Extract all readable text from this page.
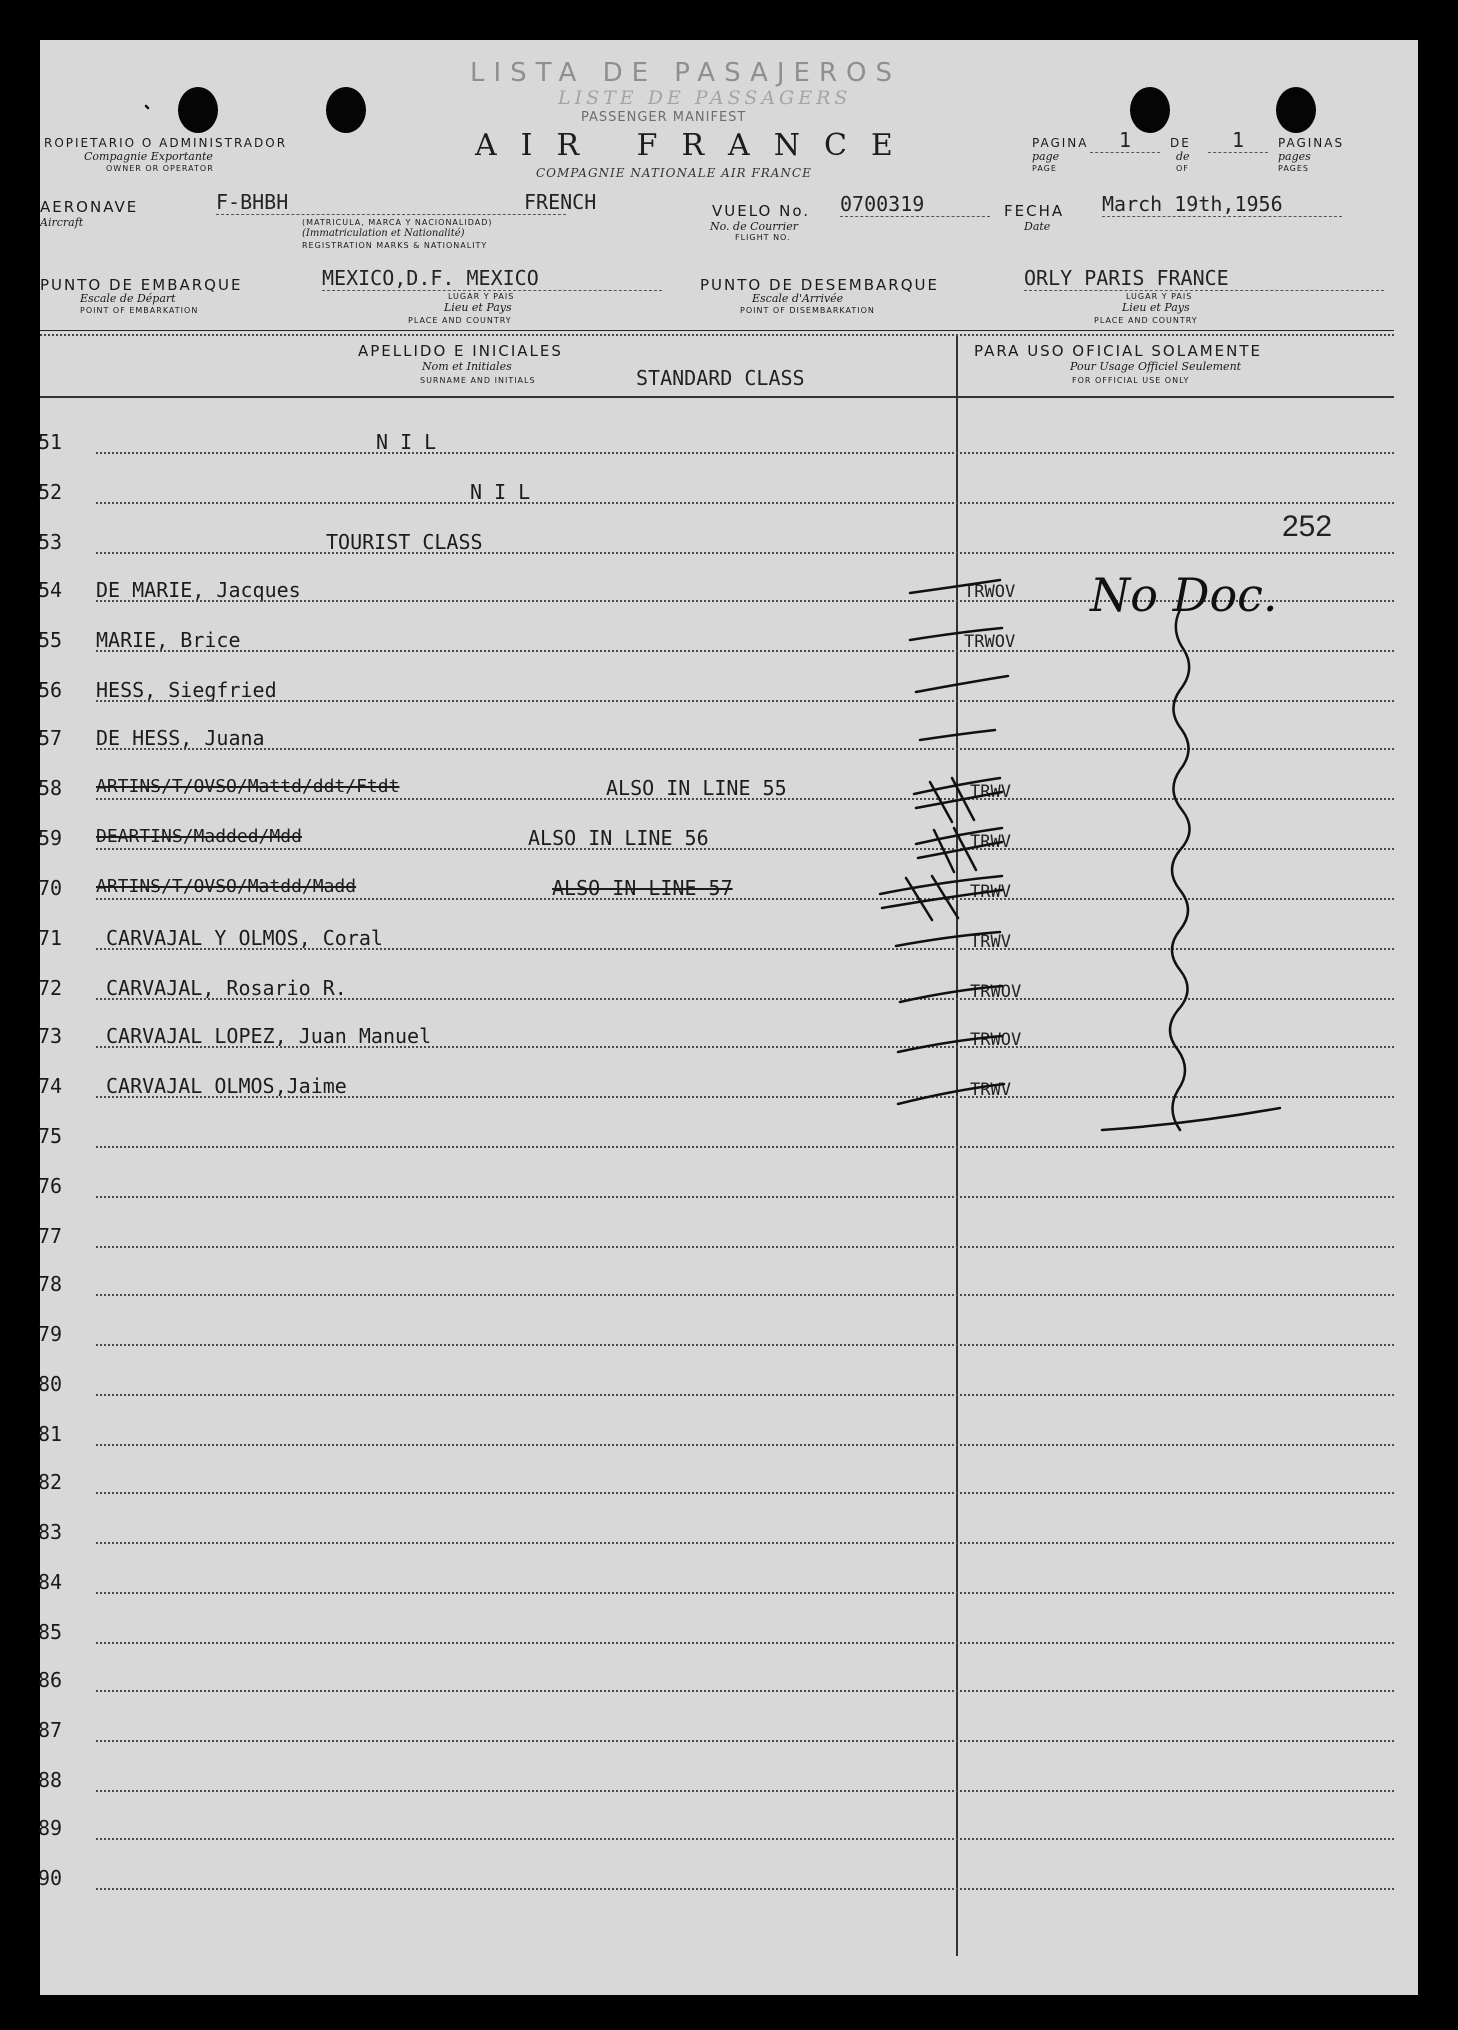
LISTA DE PASAJEROS
LISTE DE PASSAGERS
PASSENGER MANIFEST
AIR FRANCE
COMPAGNIE NATIONALE AIR FRANCE
ROPIETARIO O ADMINISTRADOR
Compagnie Exportante
OWNER OR OPERATOR
PAGINA
page
PAGE
1	DE
de
OF
1	PAGINAS
pages
PAGES
AERONAVE
Aircraft
F-BHBH	FRENCH
(MATRICULA, MARCA Y NACIONALIDAD)
(Immatriculation et Nationalité)
REGISTRATION MARKS & NATIONALITY
VUELO No.
No. de Courrier
FLIGHT NO.
0700319	FECHA
Date
March 19th,1956
PUNTO DE EMBARQUE
Escale de Départ
POINT OF EMBARKATION
MEXICO,D.F. MEXICO
LUGAR Y PAIS
Lieu et Pays
PLACE AND COUNTRY
PUNTO DE DESEMBARQUE
Escale d'Arrivée
POINT OF DISEMBARKATION
ORLY PARIS FRANCE
LUGAR Y PAIS
Lieu et Pays
PLACE AND COUNTRY
APELLIDO E INICIALES
Nom et Initiales
SURNAME AND INITIALS	STANDARD CLASS
PARA USO OFICIAL SOLAMENTE
Pour Usage Officiel Seulement
FOR OFFICIAL USE ONLY
51	N I L
52	N I L
53	TOURIST CLASS
54 DE MARIE, Jacques	TRWOV
55 MARIE, Brice	TRWOV
56 HESS, Siegfried
57 DE HESS, Juana
58 ARTINS/T/OVSO/Mattd/ddt/Ftdt	ALSO IN LINE 55	TRWV
59 DEARTINS/Madded/Mdd	ALSO IN LINE 56	TRWV
70 ARTINS/T/OVSO/Matdd/Madd	ALSO IN LINE 57	TRWV
71 CARVAJAL Y OLMOS, Coral	TRWV
72 CARVAJAL, Rosario R.	TRWOV
73 CARVAJAL LOPEZ, Juan Manuel	TRWOV
74 CARVAJAL OLMOS,Jaime	TRWV
75
76
77
78
79
80
81
82
83
84
85
86
87
88
89
90
252
No Doc.
